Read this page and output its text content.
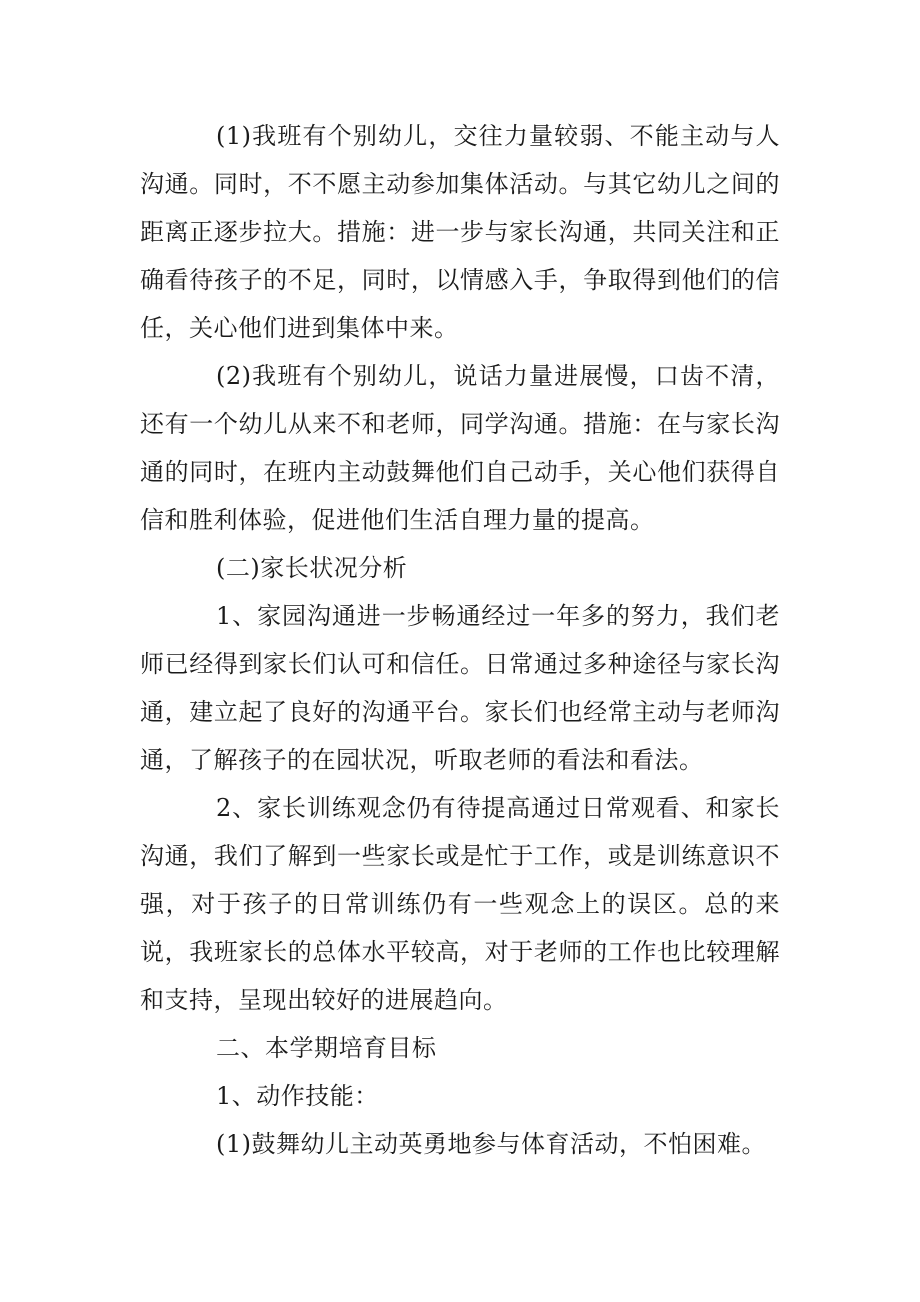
(1)我班有个别幼儿，交往力量较弱、不能主动与人沟通。同时，不不愿主动参加集体活动。与其它幼儿之间的距离正逐步拉大。措施：进一步与家长沟通，共同关注和正确看待孩子的不足，同时，以情感入手，争取得到他们的信任，关心他们进到集体中来。

(2)我班有个别幼儿，说话力量进展慢，口齿不清，还有一个幼儿从来不和老师，同学沟通。措施：在与家长沟通的同时，在班内主动鼓舞他们自己动手，关心他们获得自信和胜利体验，促进他们生活自理力量的提高。

(二)家长状况分析

1、家园沟通进一步畅通经过一年多的努力，我们老师已经得到家长们认可和信任。日常通过多种途径与家长沟通，建立起了良好的沟通平台。家长们也经常主动与老师沟通，了解孩子的在园状况，听取老师的看法和看法。

2、家长训练观念仍有待提高通过日常观看、和家长沟通，我们了解到一些家长或是忙于工作，或是训练意识不强，对于孩子的日常训练仍有一些观念上的误区。总的来说，我班家长的总体水平较高，对于老师的工作也比较理解和支持，呈现出较好的进展趋向。

二、本学期培育目标

1、动作技能：

(1)鼓舞幼儿主动英勇地参与体育活动，不怕困难。
